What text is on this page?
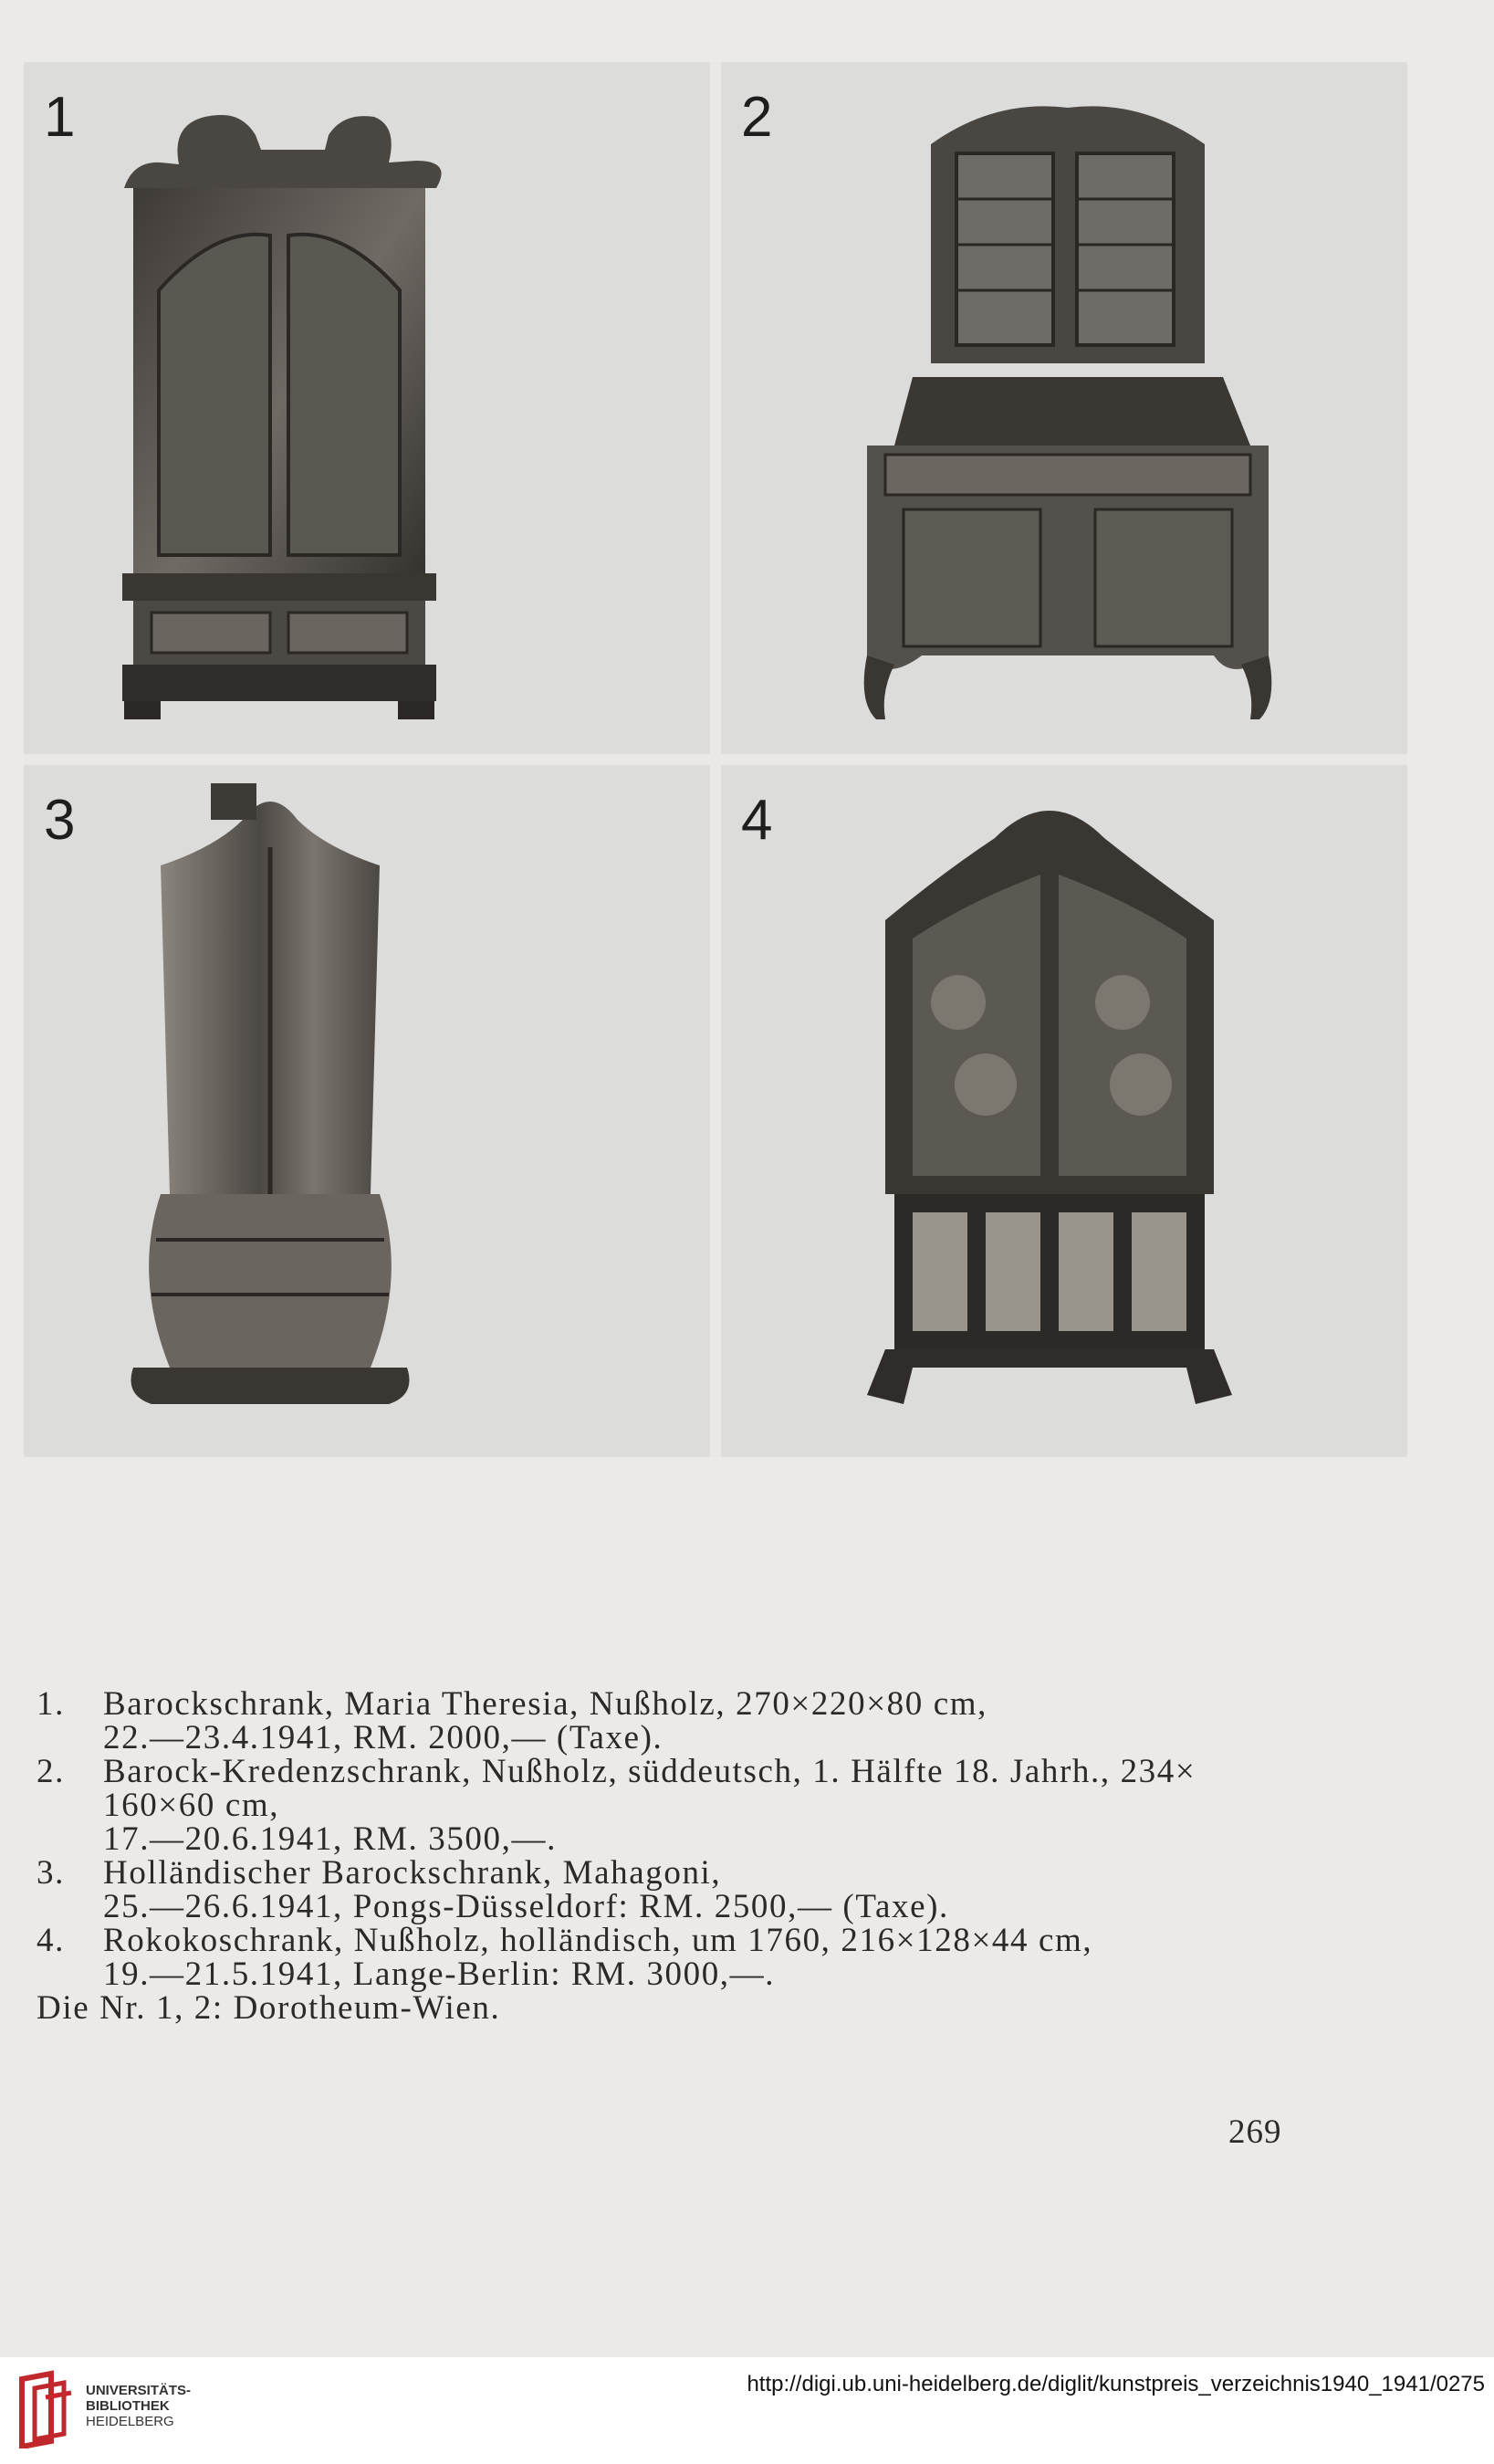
1	2
3	4
1. Barockschrank, Maria Theresia, Nußholz, 270×220×80 cm,
22.—23.4.1941, RM. 2000,— (Taxe).
2. Barock-Kredenzschrank, Nußholz, süddeutsch, 1. Hälfte 18. Jahrh., 234×
160×60 cm,
17.—20.6.1941, RM. 3500,—.
3. Holländischer Barockschrank, Mahagoni,
25.—26.6.1941, Pongs-Düsseldorf: RM. 2500,— (Taxe).
4. Rokokoschrank, Nußholz, holländisch, um 1760, 216×128×44 cm,
19.—21.5.1941, Lange-Berlin: RM. 3000,—.
Die Nr. 1, 2: Dorotheum-Wien.
269
UNIVERSITÄTS-
BIBLIOTHEK
HEIDELBERG
http://digi.ub.uni-heidelberg.de/diglit/kunstpreis_verzeichnis1940_1941/0275
